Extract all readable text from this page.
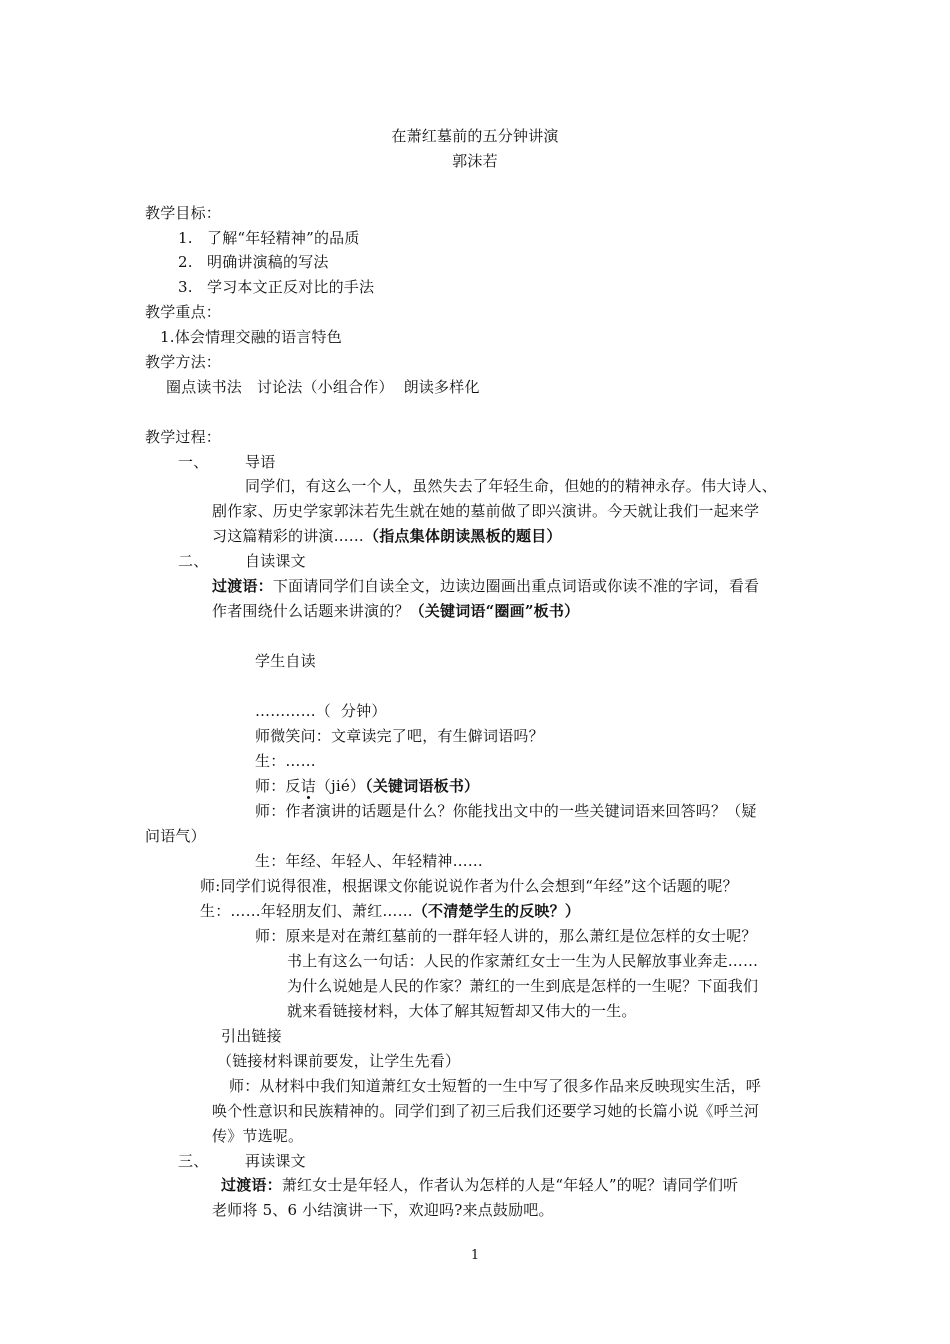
在萧红墓前的五分钟讲演
郭沫若
教学目标：
1. 了解“年轻精神”的品质
2. 明确讲演稿的写法
3. 学习本文正反对比的手法
教学重点：
1.体会情理交融的语言特色
教学方法：
圈点读书法   讨论法（小组合作）  朗读多样化
教学过程：
一、 导语
同学们，有这么一个人，虽然失去了年轻生命，但她的的精神永存。伟大诗人、
剧作家、历史学家郭沫若先生就在她的墓前做了即兴演讲。今天就让我们一起来学
习这篇精彩的讲演……（指点集体朗读黑板的题目）
二、 自读课文
过渡语：下面请同学们自读全文，边读边圈画出重点词语或你读不准的字词，看看
作者围绕什么话题来讲演的？（关键词语“圈画”板书）
学生自读
…………（  分钟）
师微笑问：文章读完了吧，有生僻词语吗？
生：……
师：反诘（jié）（关键词语板书）
师：作者演讲的话题是什么？你能找出文中的一些关键词语来回答吗？（疑
问语气）
生：年经、年轻人、年轻精神……
师:同学们说得很准，根据课文你能说说作者为什么会想到“年经”这个话题的呢？
生：……年轻朋友们、萧红……（不清楚学生的反映？）
师：原来是对在萧红墓前的一群年轻人讲的，那么萧红是位怎样的女士呢？
书上有这么一句话：人民的作家萧红女士一生为人民解放事业奔走……
为什么说她是人民的作家？萧红的一生到底是怎样的一生呢？下面我们
就来看链接材料，大体了解其短暂却又伟大的一生。
引出链接
（链接材料课前要发，让学生先看）
师：从材料中我们知道萧红女士短暂的一生中写了很多作品来反映现实生活，呼
唤个性意识和民族精神的。同学们到了初三后我们还要学习她的长篇小说《呼兰河
传》节选呢。
三、 再读课文
过渡语：萧红女士是年轻人，作者认为怎样的人是“年轻人”的呢？请同学们听
老师将 5、6 小结演讲一下，欢迎吗?来点鼓励吧。
1
